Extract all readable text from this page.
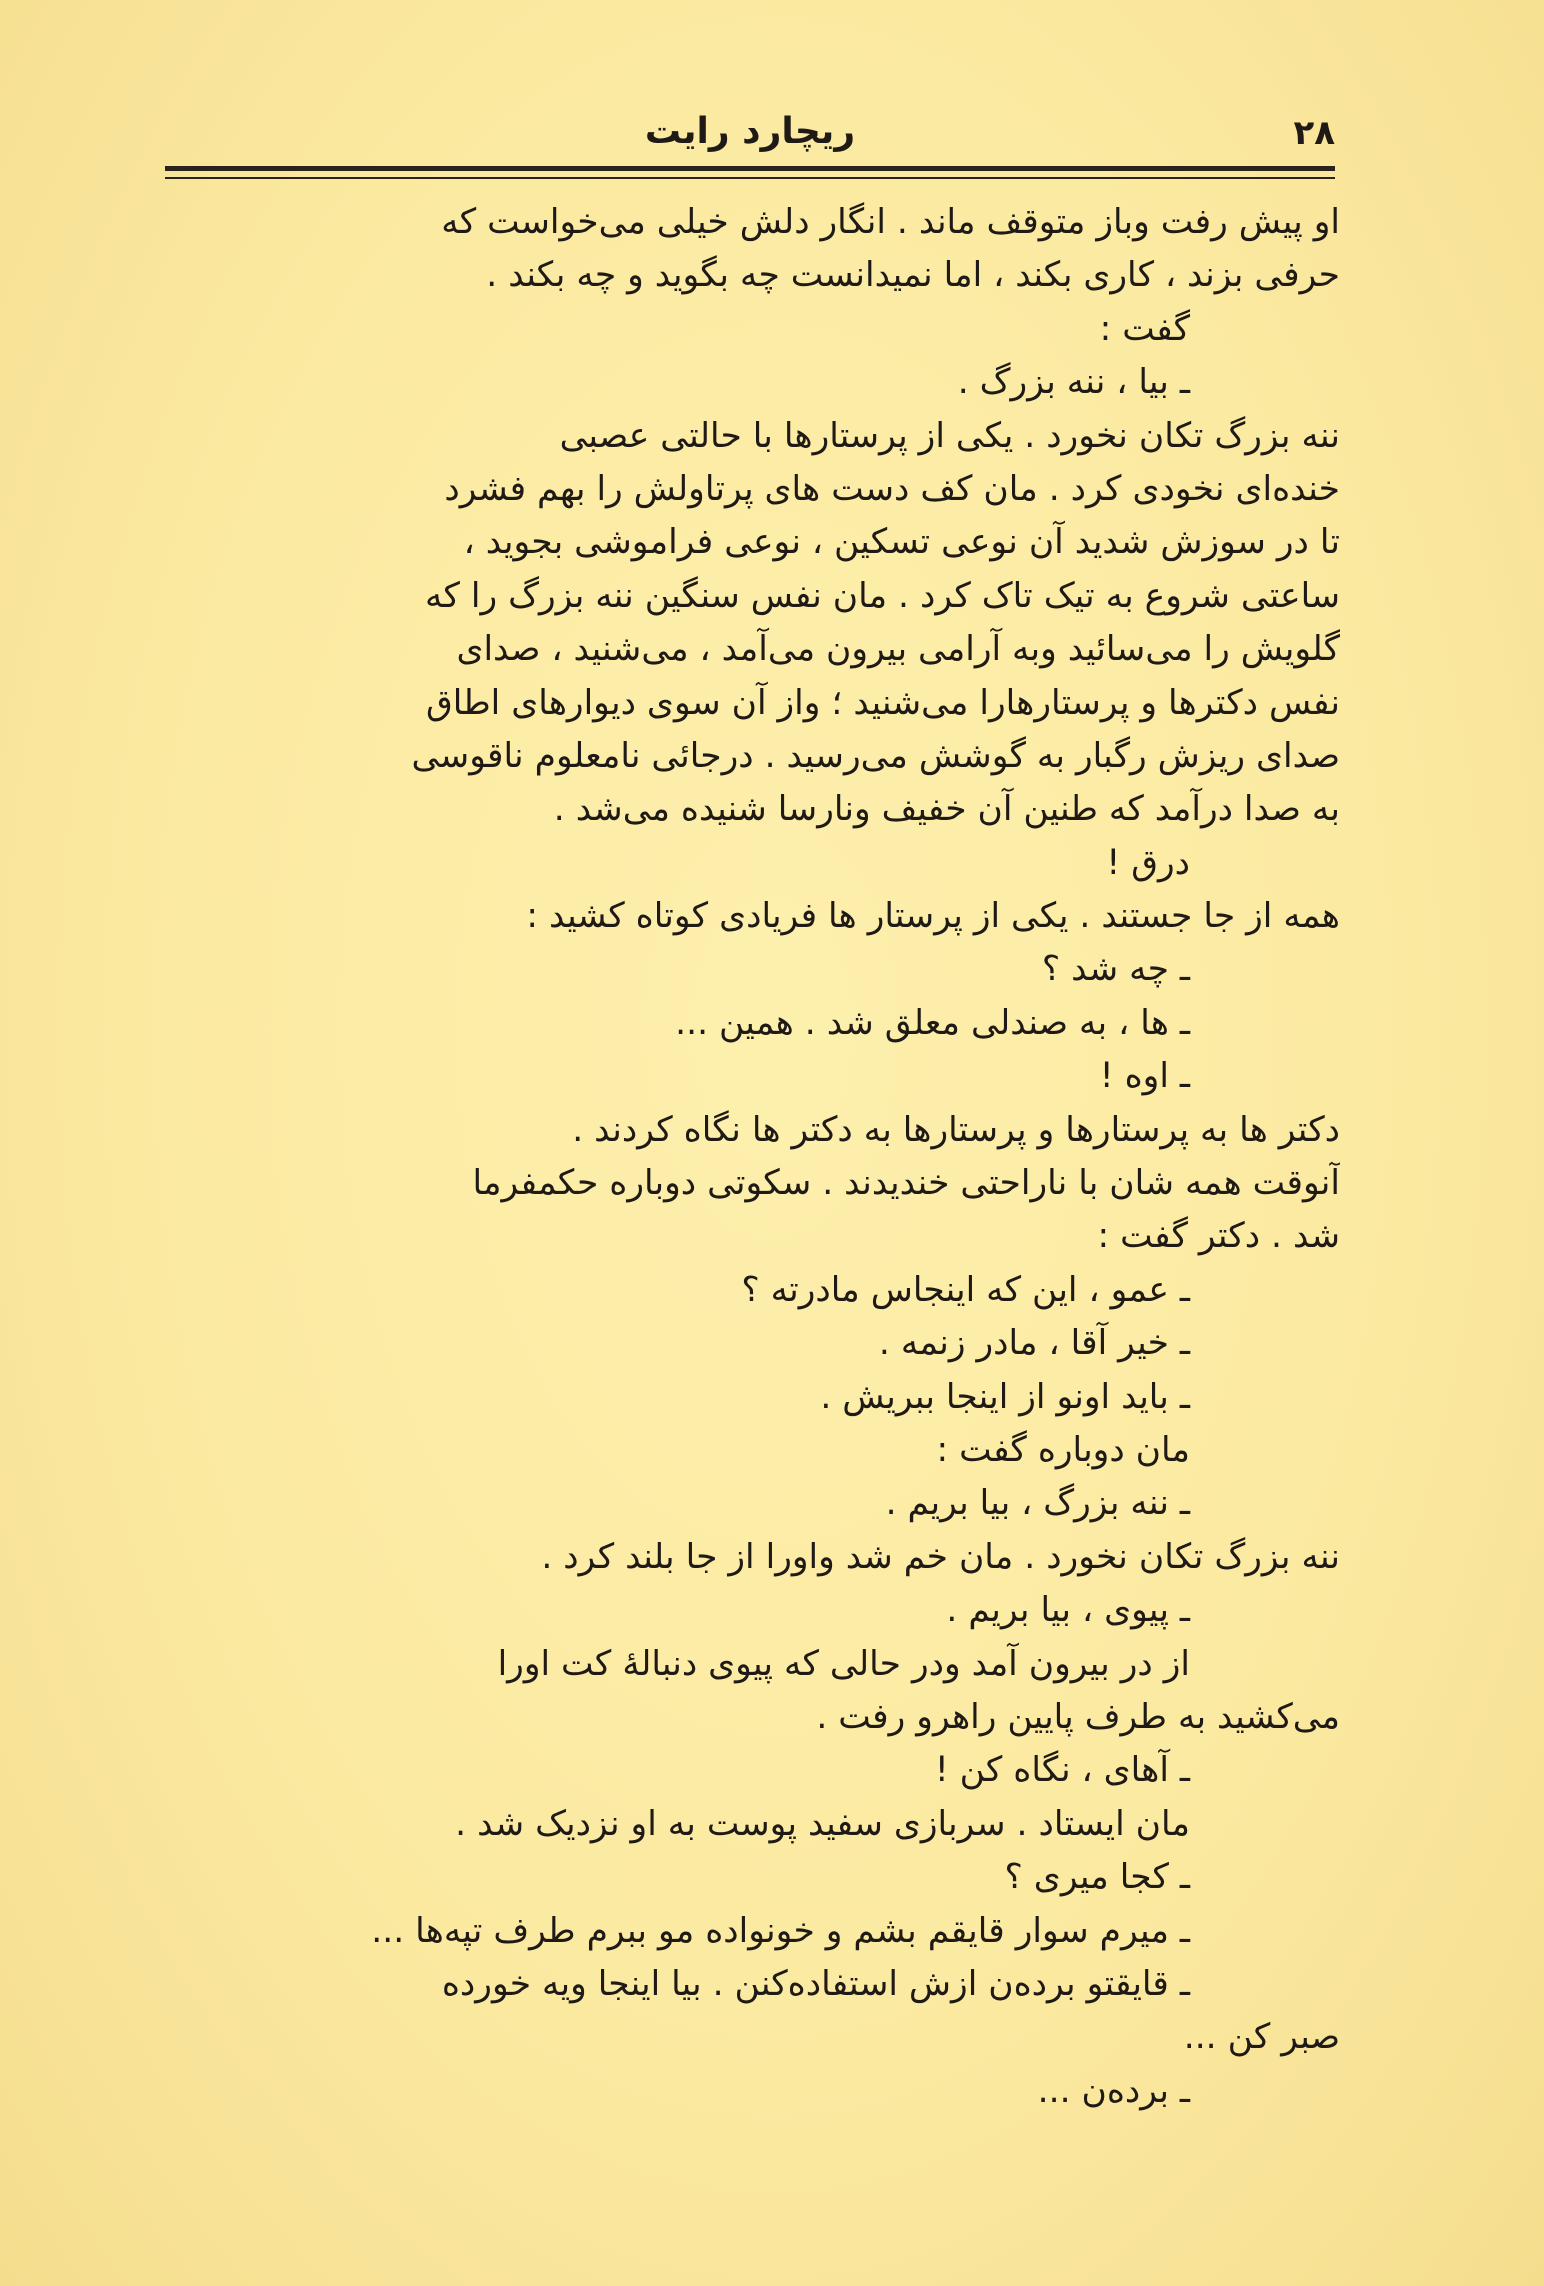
۲۸
ریچارد رایت
او پیش رفت وباز متوقف ماند . انگار دلش خیلی می‌خواست که
حرفی بزند ، کاری بکند ، اما نمیدانست چه بگوید و چه بکند .
گفت :
ـ بیا ، ننه بزرگ .
ننه بزرگ تکان نخورد . یکی از پرستارها با حالتی عصبی
خنده‌ای نخودی کرد . مان کف دست های پرتاولش را بهم فشرد
تا در سوزش شدید آن نوعی تسکین ، نوعی فراموشی بجوید ،
ساعتی شروع به تیک تاک کرد . مان نفس سنگین ننه بزرگ را که
گلویش را می‌سائید وبه آرامی بیرون می‌آمد ، می‌شنید ، صدای
نفس دکترها و پرستارهارا می‌شنید ؛ واز آن سوی دیوارهای اطاق
صدای ریزش رگبار به گوشش می‌رسید . درجائی نامعلوم ناقوسی
به صدا درآمد که طنین آن خفیف ونارسا شنیده می‌شد .
درق !
همه از جا جستند . یکی از پرستار ها فریادی کوتاه کشید :
ـ چه شد ؟
ـ ها ، به صندلی معلق شد . همین ...
ـ اوه !
دکتر ها به پرستارها و پرستارها به دکتر ها نگاه کردند .
آنوقت همه شان با ناراحتی خندیدند . سکوتی دوباره حکمفرما
شد . دکتر گفت :
ـ عمو ، این که اینجاس مادرته ؟
ـ خیر آقا ، مادر زنمه .
ـ باید اونو از اینجا ببریش .
مان دوباره گفت :
ـ ننه بزرگ ، بیا بریم .
ننه بزرگ تکان نخورد . مان خم شد واورا از جا بلند کرد .
ـ پیوی ، بیا بریم .
از در بیرون آمد ودر حالی که پیوی دنبالهٔ کت اورا
می‌کشید به طرف پایین راهرو رفت .
ـ آهای ، نگاه کن !
مان ایستاد . سربازی سفید پوست به او نزدیک شد .
ـ کجا میری ؟
ـ میرم سوار قایقم بشم و خونواده مو ببرم طرف تپه‌ها ...
ـ قایقتو برده‌ن ازش استفاده‌کنن . بیا اینجا ویه خورده
صبر کن ...
ـ برده‌ن ...
